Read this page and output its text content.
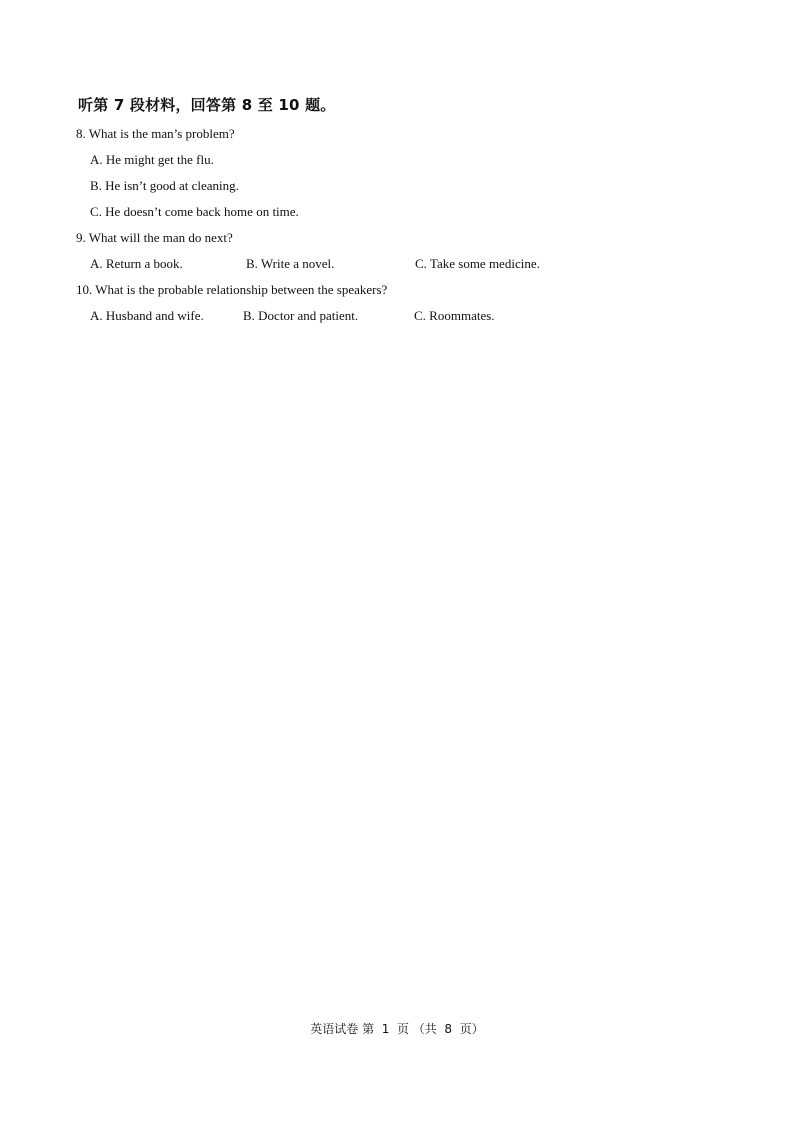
听第 7 段材料，回答第 8 至 10 题。
8. What is the man’s problem?
A. He might get the flu.
B. He isn’t good at cleaning.
C. He doesn’t come back home on time.
9. What will the man do next?
A. Return a book.	B. Write a novel.	C. Take some medicine.
10. What is the probable relationship between the speakers?
A. Husband and wife.	B. Doctor and patient.	C. Roommates.
英语试卷 第  1  页 （共  8  页）
